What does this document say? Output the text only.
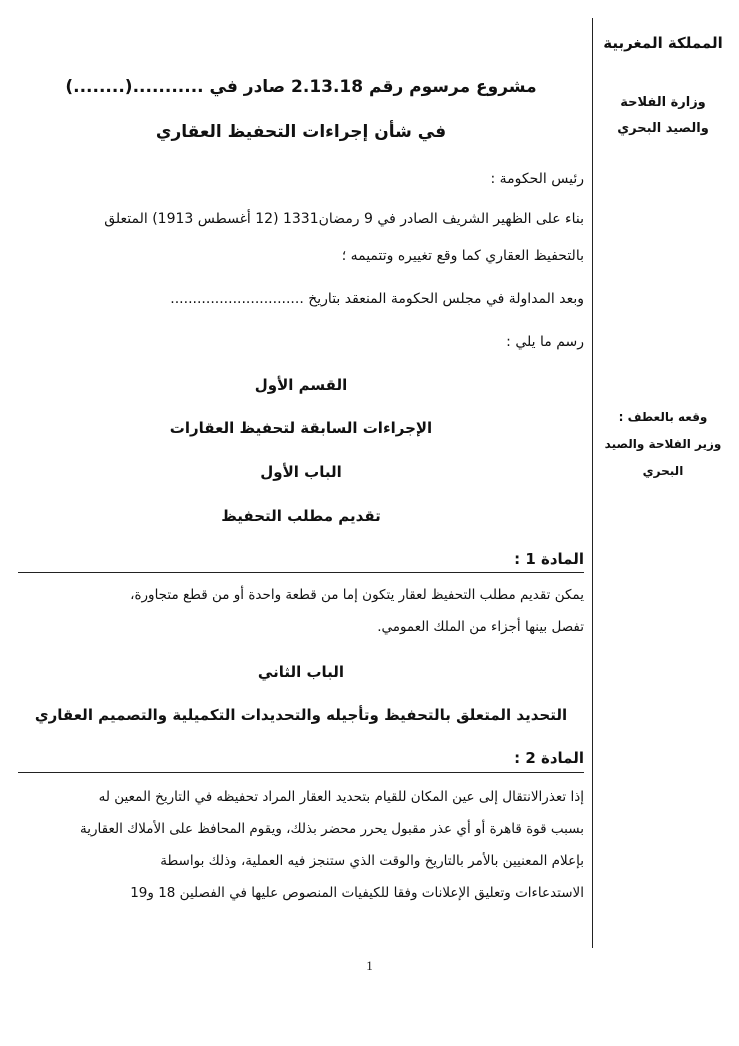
المملكة المغربية
وزارة الفلاحة
والصيد البحري
وقعه بالعطف :
وزير الفلاحة والصيد
البحري
مشروع مرسوم رقم 2.13.18 صادر في ...........(........)
في شأن إجراءات التحفيظ العقاري
رئيس الحكومة :
بناء على الظهير الشريف الصادر في 9 رمضان1331 (12 أغسطس 1913) المتعلق
بالتحفيظ العقاري كما وقع تغييره وتتميمه ؛
وبعد المداولة في مجلس الحكومة المنعقد بتاريخ ..............................
رسم ما يلي :
القسم الأول
الإجراءات السابقة لتحفيظ العقارات
الباب الأول
تقديم مطلب التحفيظ
المادة 1 :
يمكن تقديم مطلب التحفيظ لعقار يتكون إما من قطعة واحدة أو من قطع متجاورة،
تفصل بينها أجزاء من الملك العمومي.
الباب الثاني
التحديد المتعلق بالتحفيظ وتأجيله والتحديدات التكميلية والتصميم العقاري
المادة 2 :
إذا تعذرالانتقال إلى عين المكان للقيام بتحديد العقار المراد تحفيظه في التاريخ المعين له
بسبب قوة قاهرة أو أي عذر مقبول يحرر محضر بذلك، ويقوم المحافظ على الأملاك العقارية
بإعلام المعنيين بالأمر بالتاريخ والوقت الذي ستنجز فيه العملية، وذلك بواسطة
الاستدعاءات وتعليق الإعلانات وفقا للكيفيات المنصوص عليها في الفصلين 18 و19
1
